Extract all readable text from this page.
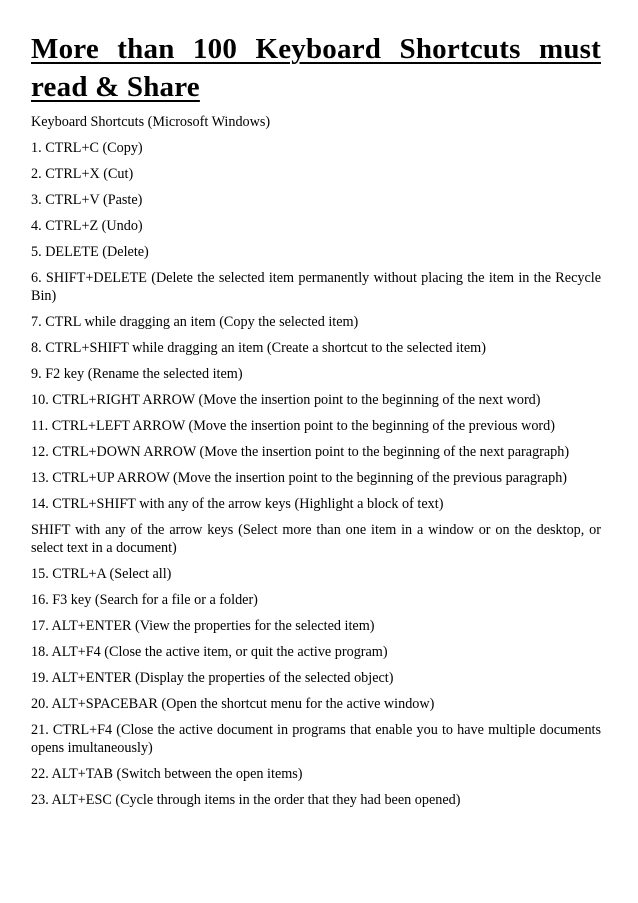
More than 100 Keyboard Shortcuts must read & Share

Keyboard Shortcuts (Microsoft Windows)

1. CTRL+C (Copy)
2. CTRL+X (Cut)
3. CTRL+V (Paste)
4. CTRL+Z (Undo)
5. DELETE (Delete)
6. SHIFT+DELETE (Delete the selected item permanently without placing the item in the Recycle Bin)
7. CTRL while dragging an item (Copy the selected item)
8. CTRL+SHIFT while dragging an item (Create a shortcut to the selected item)
9. F2 key (Rename the selected item)
10. CTRL+RIGHT ARROW (Move the insertion point to the beginning of the next word)
11. CTRL+LEFT ARROW (Move the insertion point to the beginning of the previous word)
12. CTRL+DOWN ARROW (Move the insertion point to the beginning of the next paragraph)
13. CTRL+UP ARROW (Move the insertion point to the beginning of the previous paragraph)
14. CTRL+SHIFT with any of the arrow keys (Highlight a block of text)
SHIFT with any of the arrow keys (Select more than one item in a window or on the desktop, or select text in a document)
15. CTRL+A (Select all)
16. F3 key (Search for a file or a folder)
17. ALT+ENTER (View the properties for the selected item)
18. ALT+F4 (Close the active item, or quit the active program)
19. ALT+ENTER (Display the properties of the selected object)
20. ALT+SPACEBAR (Open the shortcut menu for the active window)
21. CTRL+F4 (Close the active document in programs that enable you to have multiple documents opens imultaneously)
22. ALT+TAB (Switch between the open items)
23. ALT+ESC (Cycle through items in the order that they had been opened)
